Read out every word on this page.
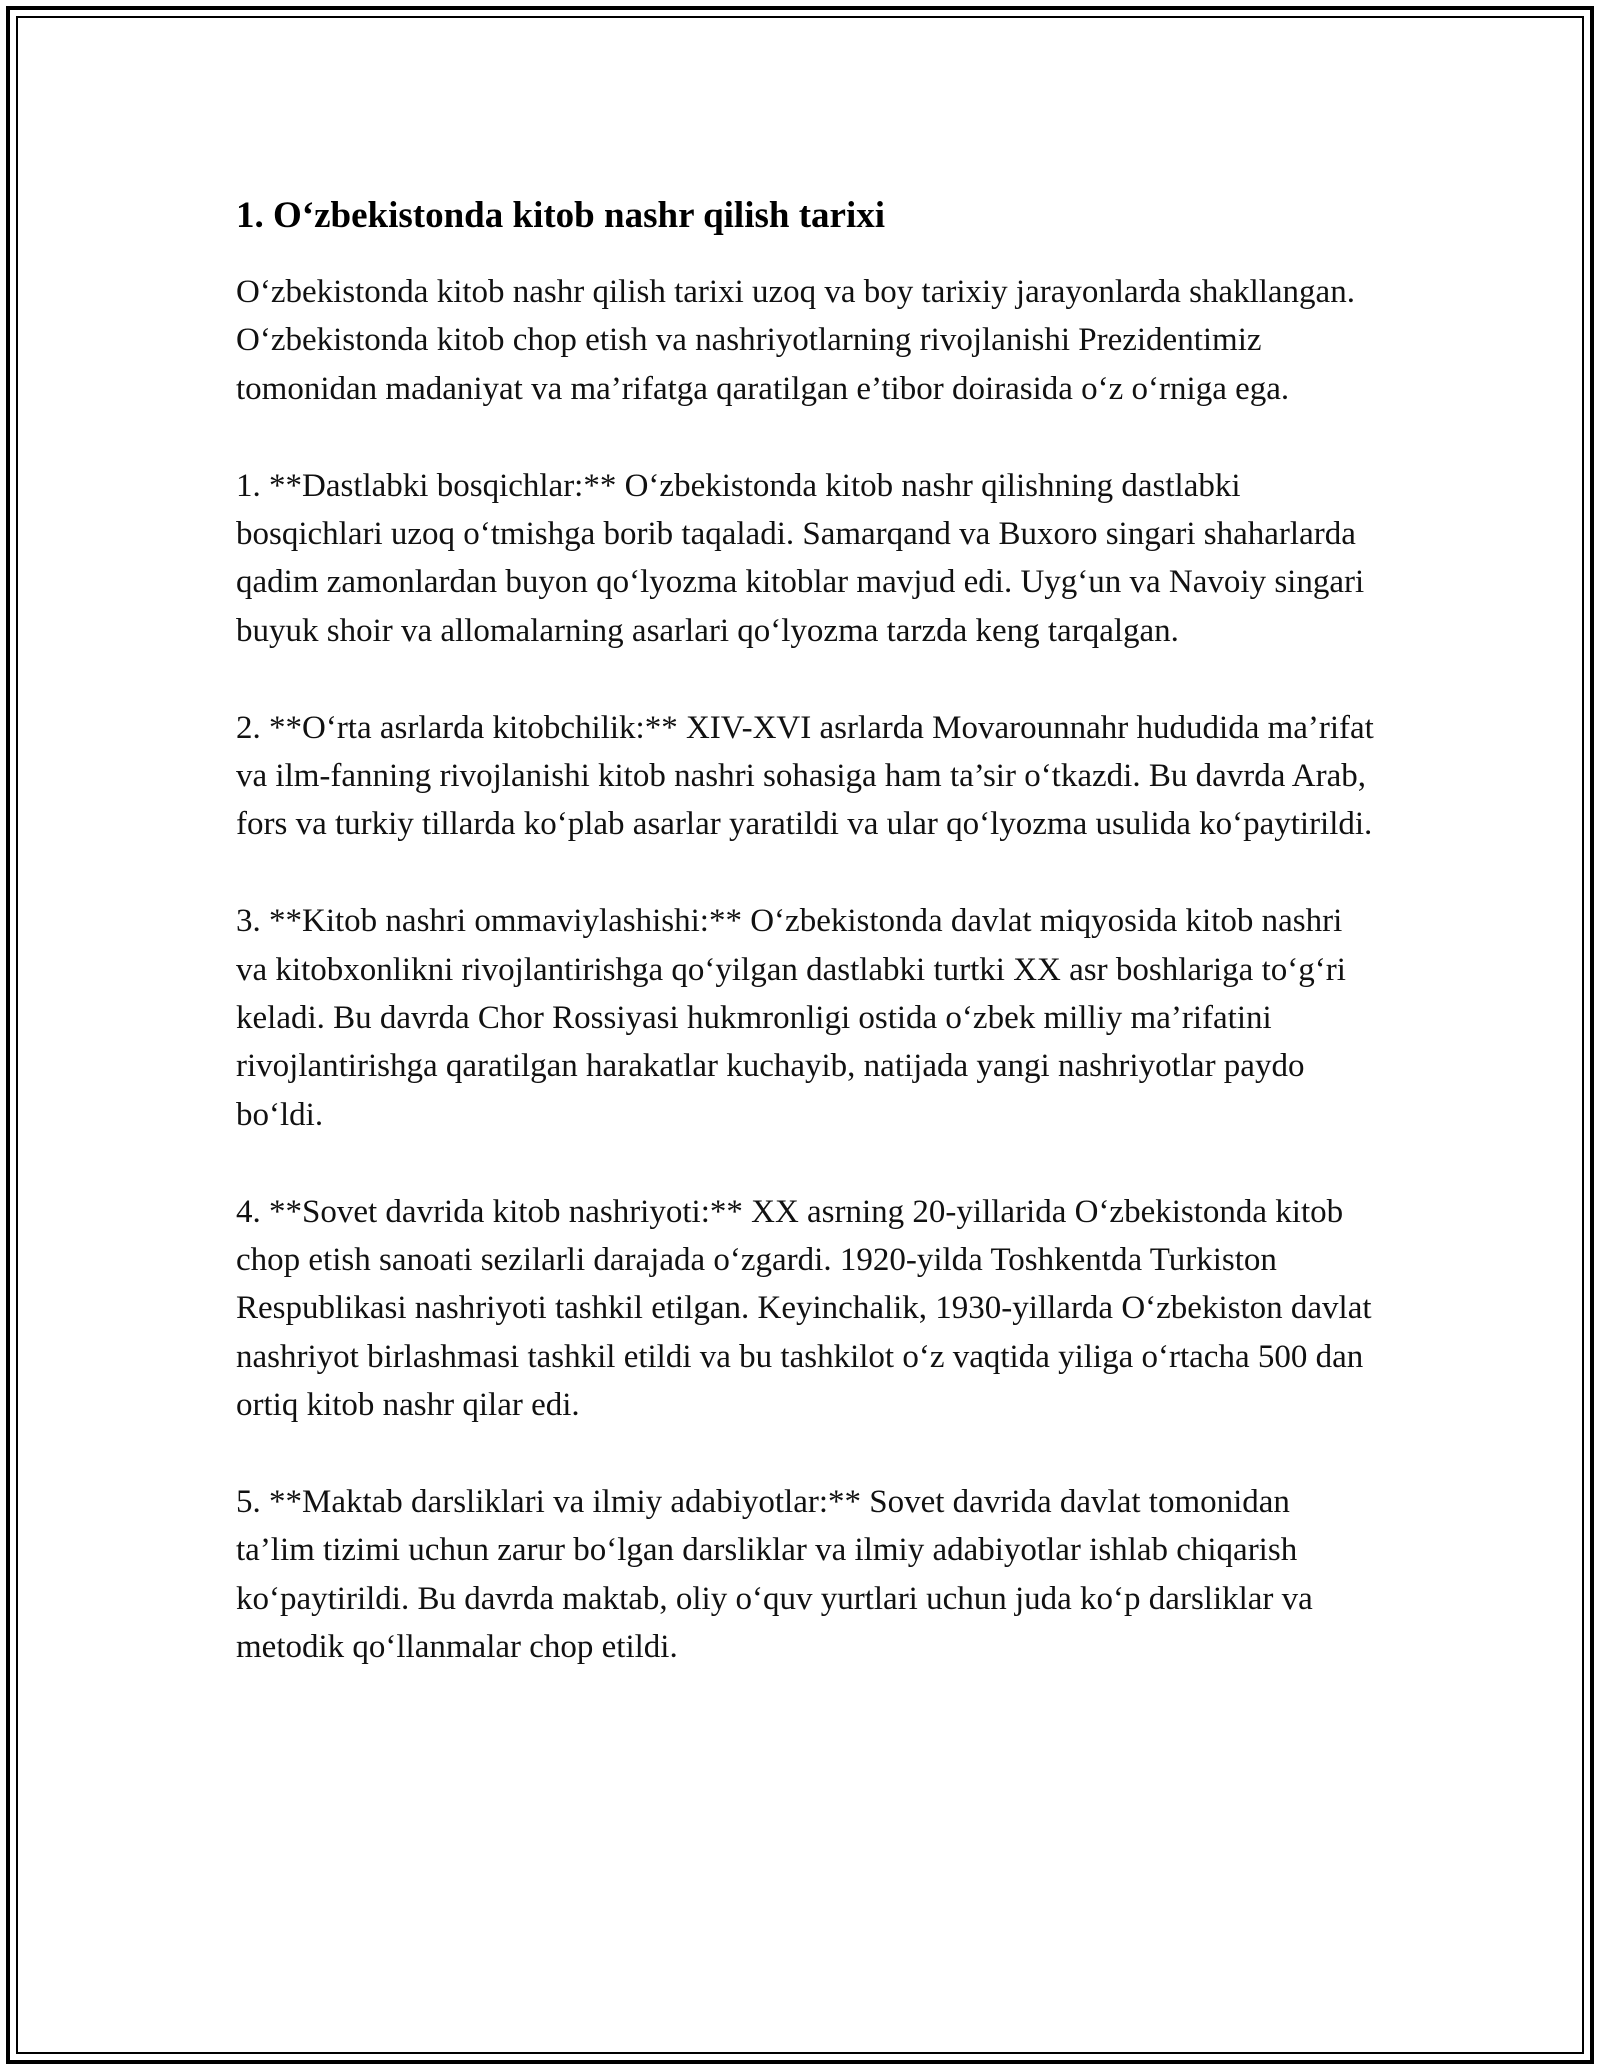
1. O‘zbekistonda kitob nashr qilish tarixi

O‘zbekistonda kitob nashr qilish tarixi uzoq va boy tarixiy jarayonlarda shakllangan. O‘zbekistonda kitob chop etish va nashriyotlarning rivojlanishi Prezidentimiz tomonidan madaniyat va ma’rifatga qaratilgan e’tibor doirasida o‘z o‘rniga ega.

1. **Dastlabki bosqichlar:** O‘zbekistonda kitob nashr qilishning dastlabki bosqichlari uzoq o‘tmishga borib taqaladi. Samarqand va Buxoro singari shaharlarda qadim zamonlardan buyon qo‘lyozma kitoblar mavjud edi. Uyg‘un va Navoiy singari buyuk shoir va allomalarning asarlari qo‘lyozma tarzda keng tarqalgan.

2. **O‘rta asrlarda kitobchilik:** XIV-XVI asrlarda Movarounnahr hududida ma’rifat va ilm-fanning rivojlanishi kitob nashri sohasiga ham ta’sir o‘tkazdi. Bu davrda Arab, fors va turkiy tillarda ko‘plab asarlar yaratildi va ular qo‘lyozma usulida ko‘paytirildi.

3. **Kitob nashri ommaviylashishi:** O‘zbekistonda davlat miqyosida kitob nashri va kitobxonlikni rivojlantirishga qo‘yilgan dastlabki turtki XX asr boshlariga to‘g‘ri keladi. Bu davrda Chor Rossiyasi hukmronligi ostida o‘zbek milliy ma’rifatini rivojlantirishga qaratilgan harakatlar kuchayib, natijada yangi nashriyotlar paydo bo‘ldi.

4. **Sovet davrida kitob nashriyoti:** XX asrning 20-yillarida O‘zbekistonda kitob chop etish sanoati sezilarli darajada o‘zgardi. 1920-yilda Toshkentda Turkiston Respublikasi nashriyoti tashkil etilgan. Keyinchalik, 1930-yillarda O‘zbekiston davlat nashriyot birlashmasi tashkil etildi va bu tashkilot o‘z vaqtida yiliga o‘rtacha 500 dan ortiq kitob nashr qilar edi.

5. **Maktab darsliklari va ilmiy adabiyotlar:** Sovet davrida davlat tomonidan ta’lim tizimi uchun zarur bo‘lgan darsliklar va ilmiy adabiyotlar ishlab chiqarish ko‘paytirildi. Bu davrda maktab, oliy o‘quv yurtlari uchun juda ko‘p darsliklar va metodik qo‘llanmalar chop etildi.
